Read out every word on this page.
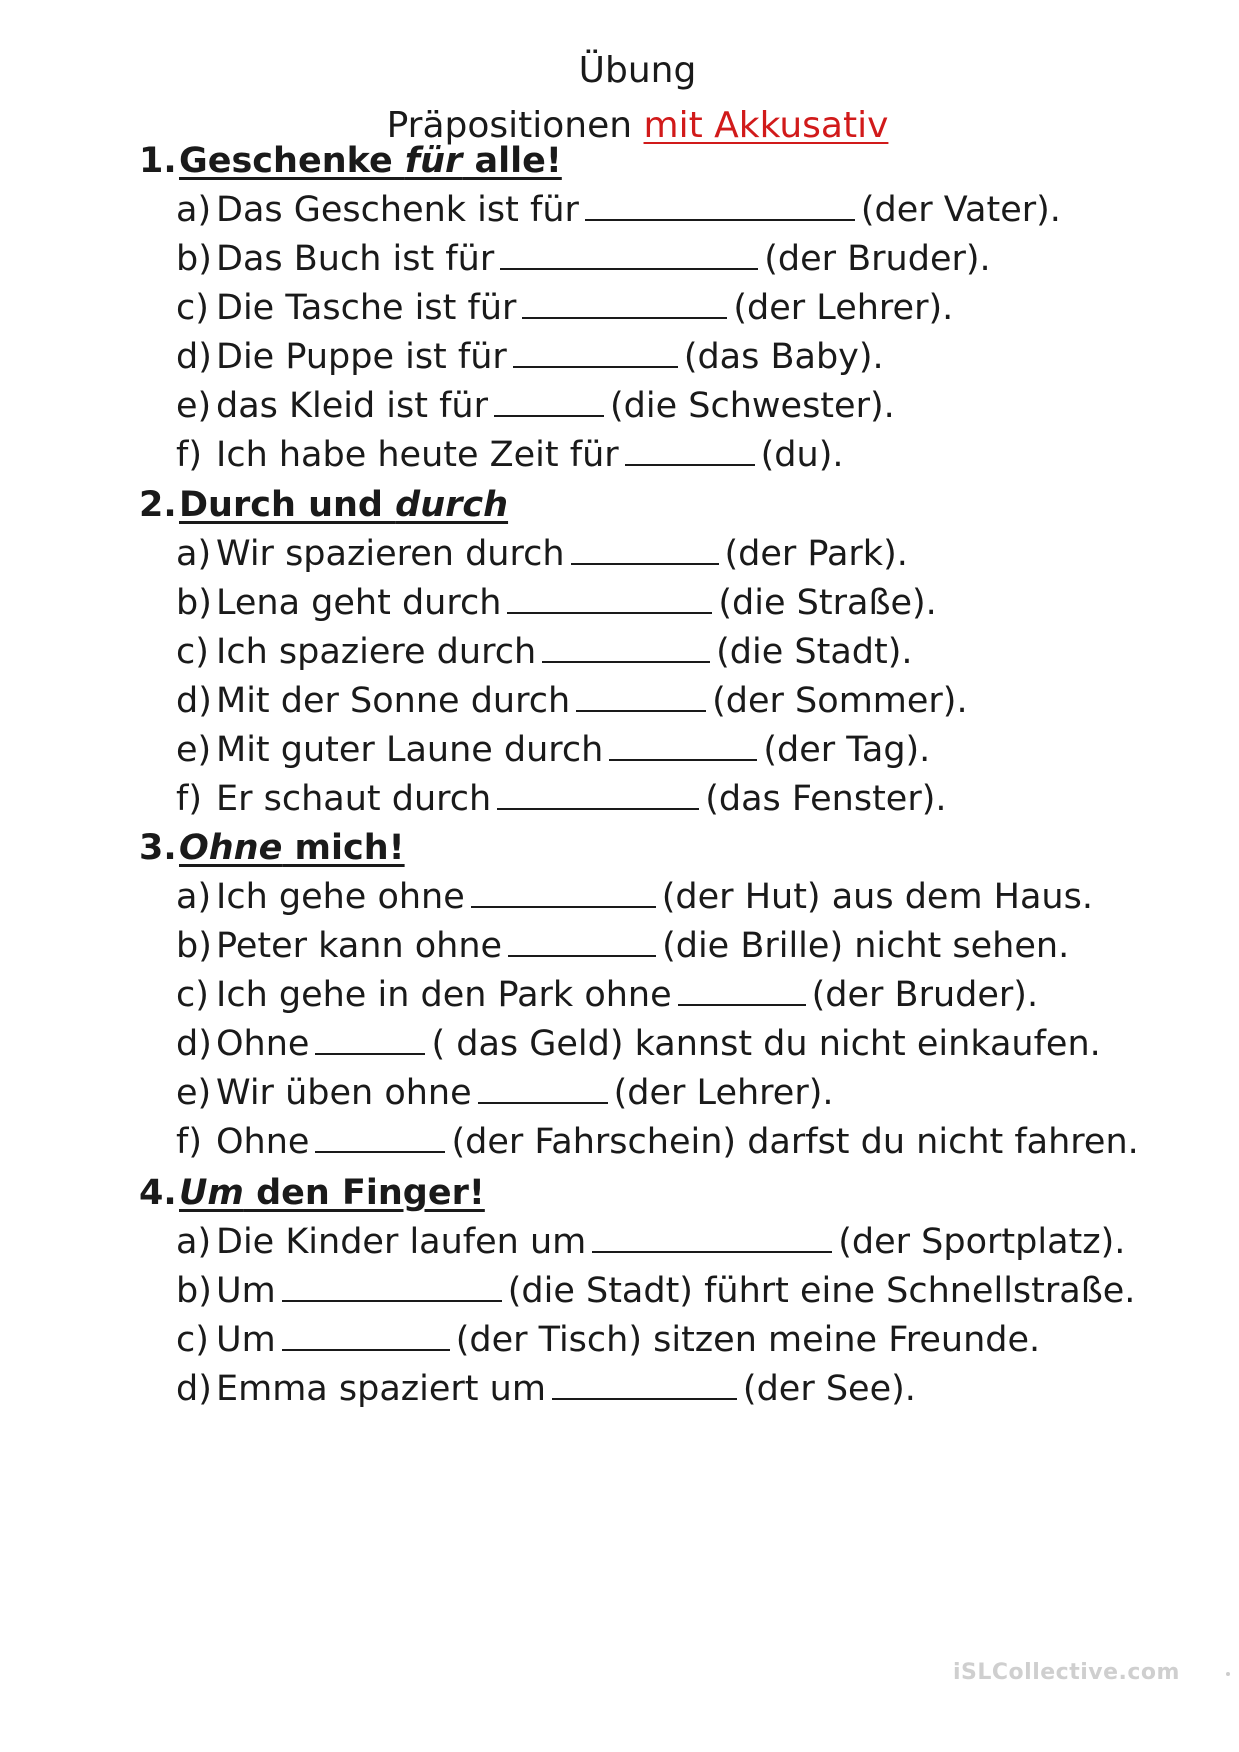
Übung
Präpositionen mit Akkusativ
1.Geschenke für alle!
a) Das Geschenk ist für	(der Vater).
b) Das Buch ist für	(der Bruder).
c) Die Tasche ist für	(der Lehrer).
d) Die Puppe ist für	(das Baby).
e) das Kleid ist für	(die Schwester).
f) Ich habe heute Zeit für	(du).
2.Durch und durch
a) Wir spazieren durch	(der Park).
b) Lena geht durch	(die Straße).
c) Ich spaziere durch	(die Stadt).
d) Mit der Sonne durch	(der Sommer).
e) Mit guter Laune durch	(der Tag).
f) Er schaut durch	(das Fenster).
3.Ohne mich!
a) Ich gehe ohne	(der Hut) aus dem Haus.
b) Peter kann ohne	(die Brille) nicht sehen.
c) Ich gehe in den Park ohne	(der Bruder).
d) Ohne	( das Geld) kannst du nicht einkaufen.
e) Wir üben ohne	(der Lehrer).
f) Ohne	(der Fahrschein) darfst du nicht fahren.
4.Um den Finger!
a) Die Kinder laufen um	(der Sportplatz).
b) Um	(die Stadt) führt eine Schnellstraße.
c) Um	(der Tisch) sitzen meine Freunde.
d) Emma spaziert um	(der See).
iSLCollective.com
